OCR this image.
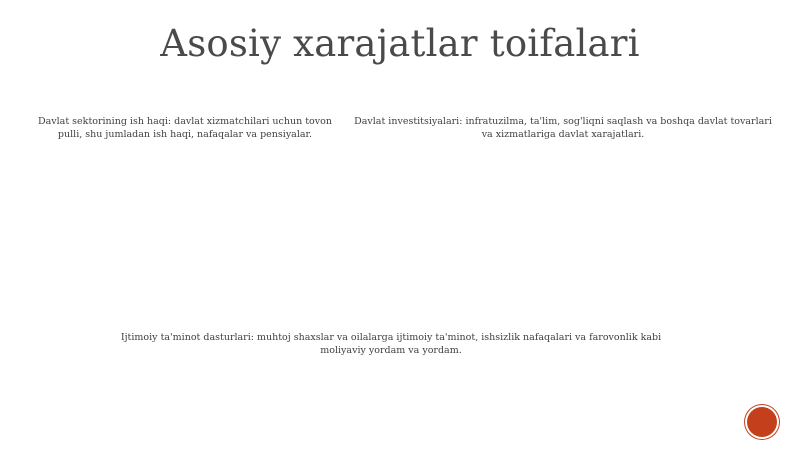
Asosiy xarajatlar toifalari
Davlat sektorining ish haqi: davlat xizmatchilari uchun tovon pulli, shu jumladan ish haqi, nafaqalar va pensiyalar.
Davlat investitsiyalari: infratuzilma, ta'lim, sog'liqni saqlash va boshqa davlat tovarlari va xizmatlariga davlat xarajatlari.
Ijtimoiy ta'minot dasturlari: muhtoj shaxslar va oilalarga ijtimoiy ta'minot, ishsizlik nafaqalari va farovonlik kabi moliyaviy yordam va yordam.
